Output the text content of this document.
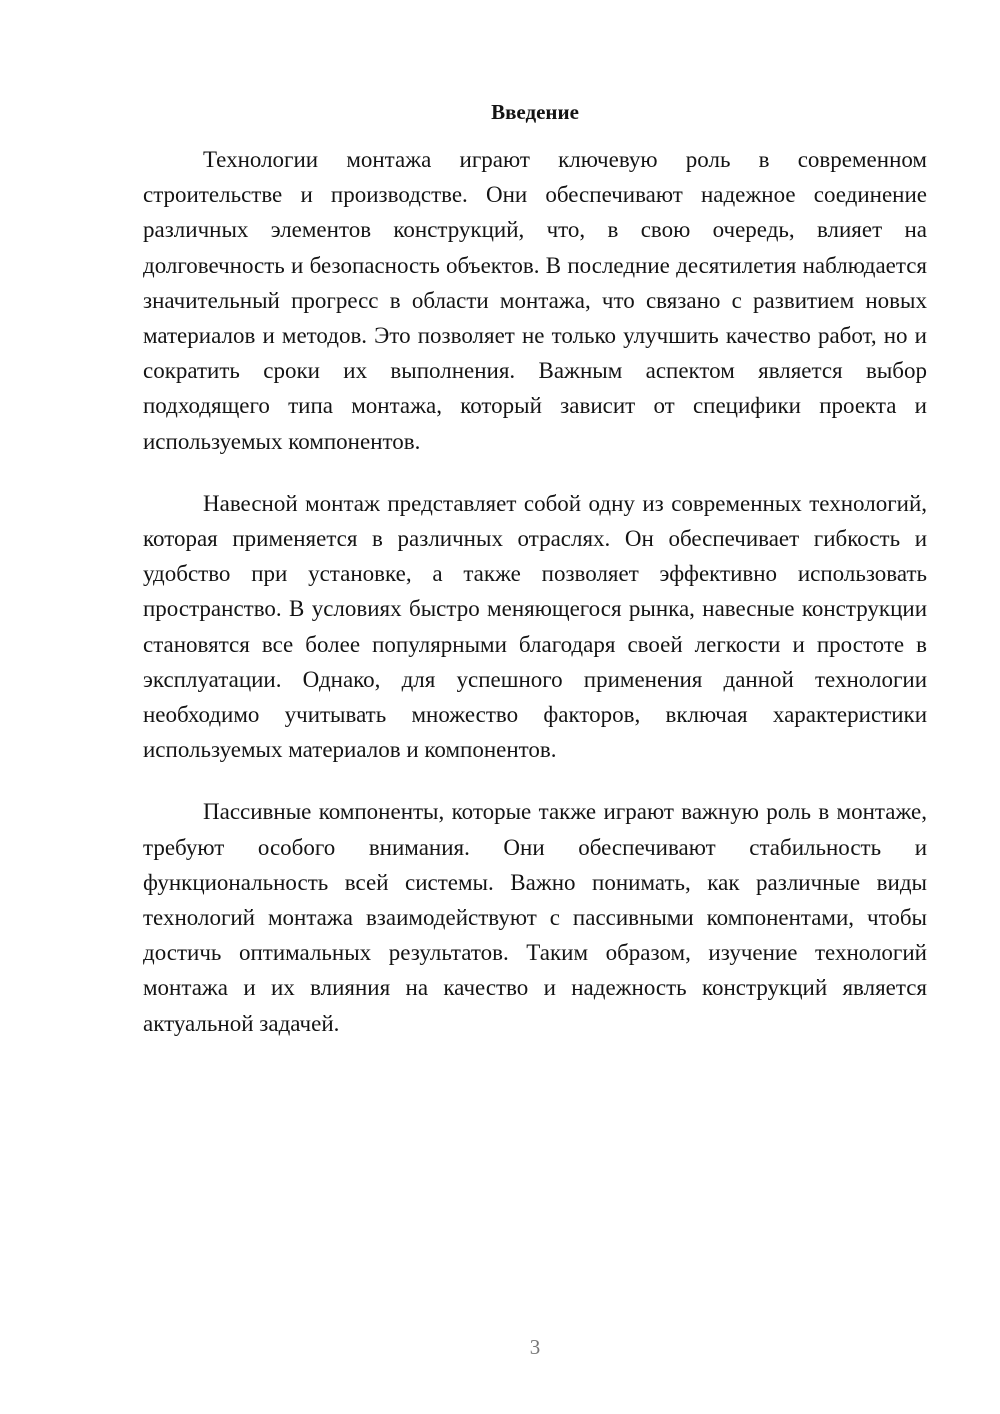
Введение

Технологии монтажа играют ключевую роль в современном строительстве и производстве. Они обеспечивают надежное соединение различных элементов конструкций, что, в свою очередь, влияет на долговечность и безопасность объектов. В последние десятилетия наблюдается значительный прогресс в области монтажа, что связано с развитием новых материалов и методов. Это позволяет не только улучшить качество работ, но и сократить сроки их выполнения. Важным аспектом является выбор подходящего типа монтажа, который зависит от специфики проекта и используемых компонентов.

Навесной монтаж представляет собой одну из современных технологий, которая применяется в различных отраслях. Он обеспечивает гибкость и удобство при установке, а также позволяет эффективно использовать пространство. В условиях быстро меняющегося рынка, навесные конструкции становятся все более популярными благодаря своей легкости и простоте в эксплуатации. Однако, для успешного применения данной технологии необходимо учитывать множество факторов, включая характеристики используемых материалов и компонентов.

Пассивные компоненты, которые также играют важную роль в монтаже, требуют особого внимания. Они обеспечивают стабильность и функциональность всей системы. Важно понимать, как различные виды технологий монтажа взаимодействуют с пассивными компонентами, чтобы достичь оптимальных результатов. Таким образом, изучение технологий монтажа и их влияния на качество и надежность конструкций является актуальной задачей.

3
